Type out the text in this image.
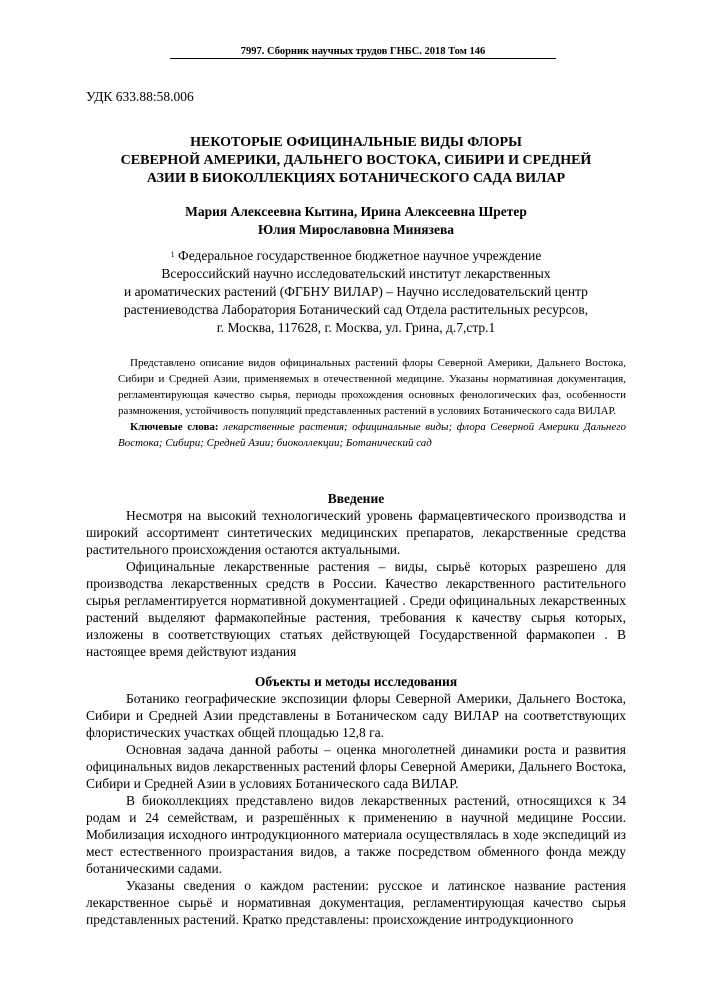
7997. Сборник научных трудов ГНБС. 2018 Том 146
УДК 633.88:58.006
НЕКОТОРЫЕ ОФИЦИНАЛЬНЫЕ ВИДЫ ФЛОРЫ
СЕВЕРНОЙ АМЕРИКИ, ДАЛЬНЕГО ВОСТОКА, СИБИРИ И СРЕДНЕЙ
АЗИИ В БИОКОЛЛЕКЦИЯХ БОТАНИЧЕСКОГО САДА ВИЛАР
Мария Алексеевна Кытина, Ирина Алексеевна Шретер
Юлия Мирославовна Минязева
$^1$ Федеральное государственное бюджетное научное учреждение
Всероссийский научно исследовательский институт лекарственных
и ароматических растений (ФГБНУ ВИЛАР) – Научно исследовательский центр
растениеводства Лаборатория Ботанический сад Отдела растительных ресурсов,
г. Москва, 117628, г. Москва, ул. Грина, д.7,стр.1

Представлено описание видов официнальных растений флоры Северной Америки, Дальнего Востока, Сибири и Средней Азии, применяемых в отечественной медицине. Указаны нормативная документация, регламентирующая качество сырья, периоды прохождения основных фенологических фаз, особенности размножения, устойчивость популяций представленных растений в условиях Ботанического сада ВИЛАР.

Ключевые слова: лекарственные растения; официнальные виды; флора Северной Америки Дальнего Востока; Сибири; Средней Азии; биоколлекции; Ботанический сад

Введение

Несмотря на высокий технологический уровень фармацевтического производства и широкий ассортимент синтетических медицинских препаратов, лекарственные средства растительного происхождения остаются актуальными.

Официнальные лекарственные растения – виды, сырьё которых разрешено для производства лекарственных средств в России. Качество лекарственного растительного сырья регламентируется нормативной документацией . Среди официнальных лекарственных растений выделяют фармакопейные растения, требования к качеству сырья которых, изложены в соответствующих статьях действующей Государственной фармакопеи . В настоящее время действуют издания

Объекты и методы исследования

Ботанико географические экспозиции флоры Северной Америки, Дальнего Востока, Сибири и Средней Азии представлены в Ботаническом саду ВИЛАР на соответствующих флористических участках общей площадью 12,8 га.

Основная задача данной работы – оценка многолетней динамики роста и развития официнальных видов лекарственных растений флоры Северной Америки, Дальнего Востока, Сибири и Средней Азии в условиях Ботанического сада ВИЛАР.

В биоколлекциях представлено видов лекарственных растений, относящихся к 34 родам и 24 семействам, и разрешённых к применению в научной медицине России. Мобилизация исходного интродукционного материала осуществлялась в ходе экспедиций из мест естественного произрастания видов, а также посредством обменного фонда между ботаническими садами.

Указаны сведения о каждом растении: русское и латинское название растения лекарственное сырьё и нормативная документация, регламентирующая качество сырья представленных растений. Кратко представлены: происхождение интродукционного
